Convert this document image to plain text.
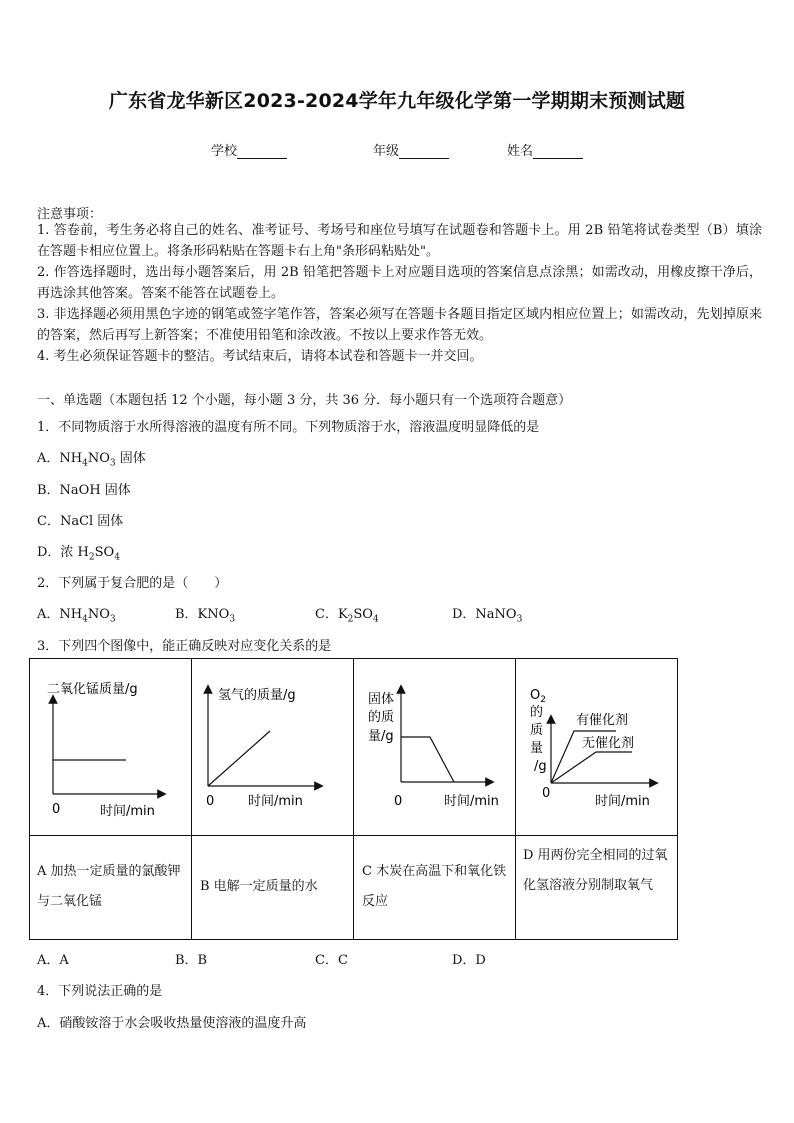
广东省龙华新区2023-2024学年九年级化学第一学期期末预测试题
学校	年级	姓名
注意事项：
1. 答卷前，考生务必将自己的姓名、准考证号、考场号和座位号填写在试题卷和答题卡上。用 2B 铅笔将试卷类型（B）填涂在答题卡相应位置上。将条形码粘贴在答题卡右上角"条形码粘贴处"。
2. 作答选择题时，选出每小题答案后，用 2B 铅笔把答题卡上对应题目选项的答案信息点涂黑；如需改动，用橡皮擦干净后，再选涂其他答案。答案不能答在试题卷上。
3. 非选择题必须用黑色字迹的钢笔或签字笔作答，答案必须写在答题卡各题目指定区域内相应位置上；如需改动，先划掉原来的答案，然后再写上新答案；不准使用铅笔和涂改液。不按以上要求作答无效。
4. 考生必须保证答题卡的整洁。考试结束后，请将本试卷和答题卡一并交回。
一、单选题（本题包括 12 个小题，每小题 3 分，共 36 分．每小题只有一个选项符合题意）
1．不同物质溶于水所得溶液的温度有所不同。下列物质溶于水，溶液温度明显降低的是
A．$NH_4NO_3$ 固体
B．NaOH 固体
C．NaCl 固体
D．浓 $H_2SO_4$
2．下列属于复合肥的是（　　）
A．$NH_4NO_3$	B．$KNO_3$	C．$K_2SO_4$	D．NaNO$_3$
3．下列四个图像中，能正确反映对应变化关系的是
二氧化锰质量/g
0	时间/min
氢气的质量/g
0	时间/min
固体
的质
量/g
0	时间/min
$O_2$
的
质
量
/g
有催化剂
无催化剂
0
时间/min
A 加热一定质量的氯酸钾与二氧化锰
B 电解一定质量的水
C 木炭在高温下和氧化铁反应
D 用两份完全相同的过氧化氢溶液分别制取氧气
A．A	B．B	C．C	D．D
4．下列说法正确的是
A．硝酸铵溶于水会吸收热量使溶液的温度升高
